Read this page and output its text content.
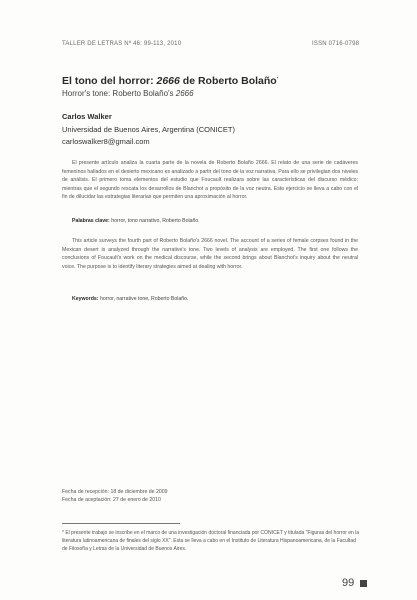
TALLER DE LETRAS Nº 46: 99-113, 2010	ISSN 0716-0798
El tono del horror: 2666 de Roberto Bolaño*
Horror's tone: Roberto Bolaño's 2666
Carlos Walker
Universidad de Buenos Aires, Argentina (CONICET)
carloswalker8@gmail.com

El presente artículo analiza la cuarta parte de la novela de Roberto Bolaño 2666. El relato de una serie de cadáveres femeninos hallados en el desierto mexicano es analizado a partir del tono de la voz narrativa. Para ello se privilegian dos niveles de análisis. El primero toma elementos del estudio que Foucault realizara sobre las características del discurso médico; mientras que el segundo rescata los desarrollos de Blanchot a propósito de la voz neutra. Este ejercicio se lleva a cabo con el fin de dilucidar las estrategias literarias que permiten una aproximación al horror.

Palabras clave: horror, tono narrativo, Roberto Bolaño.

This article surveys the fourth part of Roberto Bolaño's 2666 novel. The account of a series of female corpses found in the Mexican desert is analyzed through the narrative's tone. Two levels of analysis are employed. The first one follows the conclusions of Foucault's work on the medical discourse, while the second brings about Blanchot's inquiry about the neutral voice. The purpose is to identify literary strategies aimed at dealing with horror.

Keywords: horror, narrative tone, Roberto Bolaño.
Fecha de recepción: 18 de diciembre de 2009
Fecha de aceptación: 27 de enero de 2010
* El presente trabajo se inscribe en el marco de una investigación doctoral financiada por CONICET y titulada "Figuras del horror en la literatura latinoamericana de finales del siglo XX". Esta se lleva a cabo en el Instituto de Literatura Hispanoamericana, de la Facultad de Filosofía y Letras de la Universidad de Buenos Aires.
99
